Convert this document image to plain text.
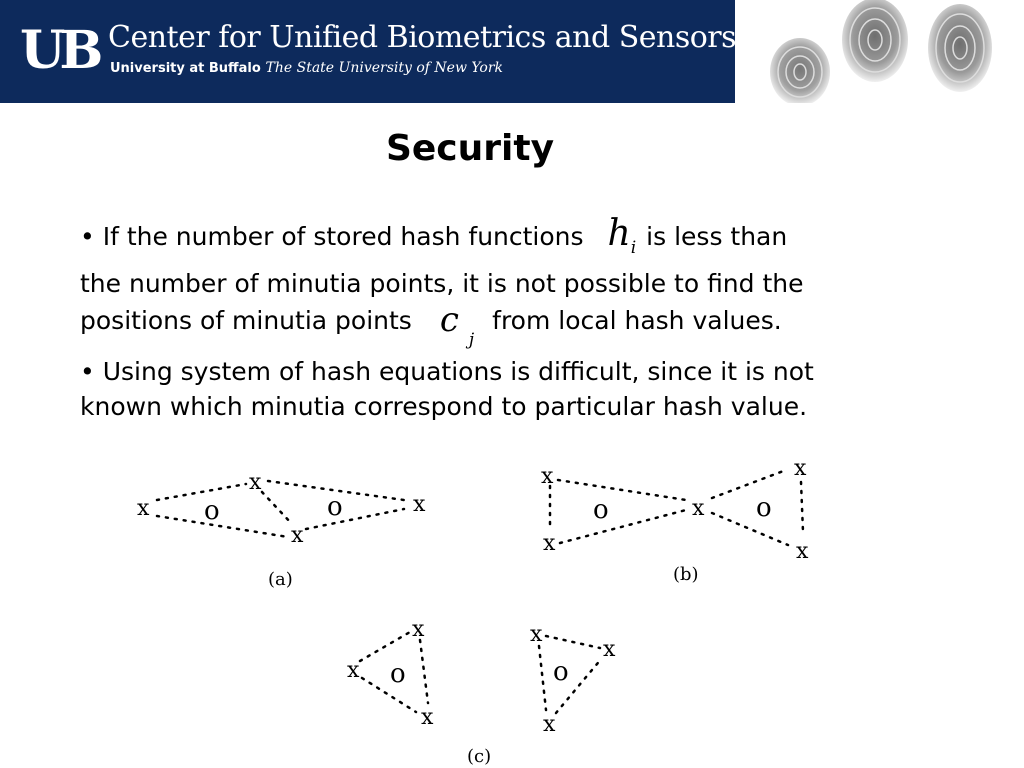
UB Center for Unified Biometrics and Sensors
University at Buffalo The State University of New York
Security
• If the number of stored hash functions $h_i$ is less than
the number of minutia points, it is not possible to find the
positions of minutia points c $_j$from local hash values.
• Using system of hash equations is difficult, since it is not
known which minutia correspond to particular hash value.
x
x
x
x
x
x
x
x
x
x
x
x
x
x
x
o	o	o	o
o	o
(a)	(b)
(c)
